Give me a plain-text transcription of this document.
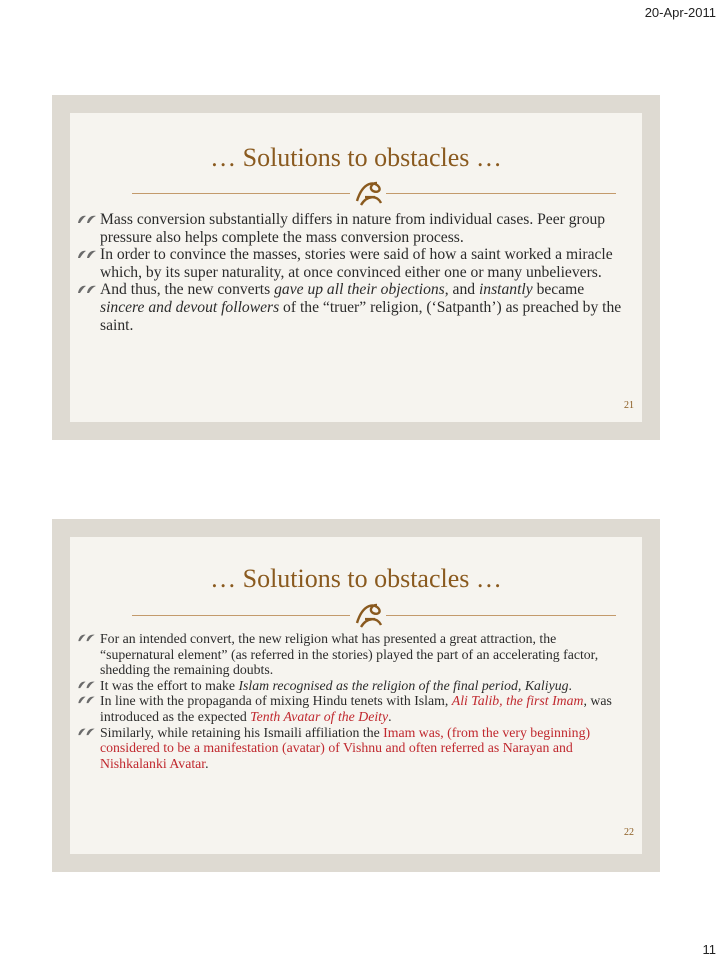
20-Apr-2011
… Solutions to obstacles …
Mass conversion substantially differs in nature from individual cases. Peer group pressure also helps complete the mass conversion process.
In order to convince the masses, stories were said of how a saint worked a miracle which, by its super naturality, at once convinced either one or many unbelievers.
And thus, the new converts gave up all their objections, and instantly became sincere and devout followers of the “truer” religion, (‘Satpanth’) as preached by the saint.
21
… Solutions to obstacles …
For an intended convert, the new religion what has presented a great attraction, the “supernatural element” (as referred in the stories) played the part of an accelerating factor, shedding the remaining doubts.
It was the effort to make Islam recognised as the religion of the final period, Kaliyug.
In line with the propaganda of mixing Hindu tenets with Islam, Ali Talib, the first Imam, was introduced as the expected Tenth Avatar of the Deity.
Similarly, while retaining his Ismaili affiliation the Imam was, (from the very beginning) considered to be a manifestation (avatar) of Vishnu and often referred as Narayan and Nishkalanki Avatar.
22
11
